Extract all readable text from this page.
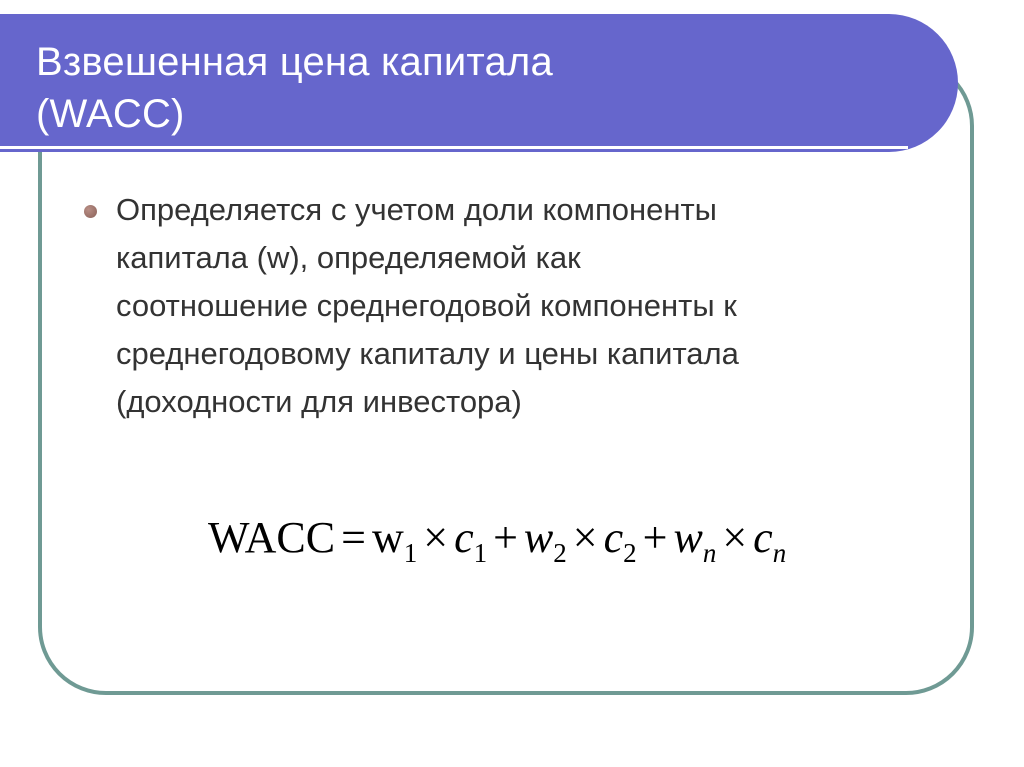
Взвешенная цена капитала
(WACC)
Определяется с учетом доли компоненты
капитала (w), определяемой как
соотношение среднегодовой компоненты к
среднегодовому капиталу и цены капитала
(доходности для инвестора)
WACC = $w_1 \times c_1 + w_2 \times c_2 + w_n \times c_n$
